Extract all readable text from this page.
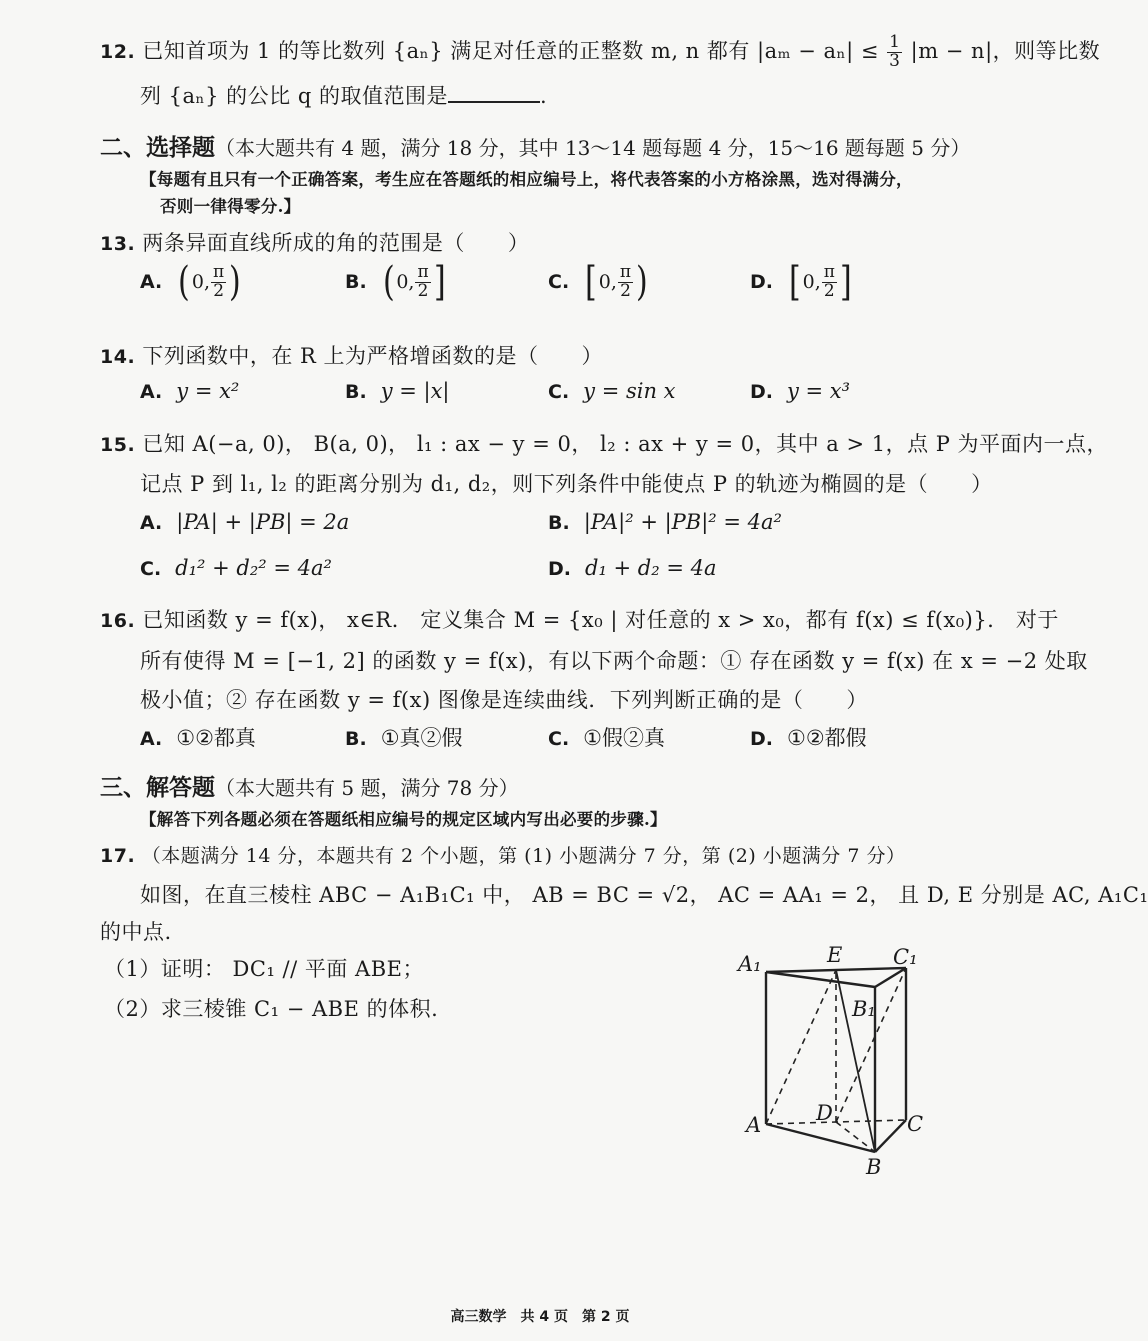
12. 已知首项为 1 的等比数列 {aₙ} 满足对任意的正整数 m, n 都有 $|a_m - a_n| \le \frac{1}{3} |m - n|$，则等比数
列 {aₙ} 的公比 q 的取值范围是	.
二、选择题（本大题共有 4 题，满分 18 分，其中 13～14 题每题 4 分，15～16 题每题 5 分）
【每题有且只有一个正确答案，考生应在答题纸的相应编号上，将代表答案的小方格涂黑，选对得满分，
否则一律得零分.】
13. 两条异面直线所成的角的范围是（　　）
A. ( 0, $\frac{\pi}{2}$ )	B. ( 0, $\frac{\pi}{2}$ ]	C. [ 0, $\frac{\pi}{2}$ )	D. [ 0, $\frac{\pi}{2}$ ]
14. 下列函数中，在 R 上为严格增函数的是（　　）
A. y = x²	B. y = |x|	C. y = sin x	D. y = x³
15. 已知 A(−a, 0)， B(a, 0)， l₁ : ax − y = 0， l₂ : ax + y = 0，其中 a > 1，点 P 为平面内一点，
记点 P 到 l₁, l₂ 的距离分别为 d₁, d₂，则下列条件中能使点 P 的轨迹为椭圆的是（　　）
A. |PA| + |PB| = 2a	B. |PA|² + |PB|² = 4a²
C. d₁² + d₂² = 4a²	D. d₁ + d₂ = 4a
16. 已知函数 y = f(x)， x∈R． 定义集合 M = {x₀ | 对任意的 x > x₀，都有 f(x) ≤ f(x₀)}． 对于
所有使得 M = [−1, 2] 的函数 y = f(x)，有以下两个命题：① 存在函数 y = f(x) 在 x = −2 处取
极小值；② 存在函数 y = f(x) 图像是连续曲线．下列判断正确的是（　　）
A. ①②都真	B. ①真②假	C. ①假②真	D. ①②都假
三、解答题（本大题共有 5 题，满分 78 分）
【解答下列各题必须在答题纸相应编号的规定区域内写出必要的步骤.】
17. （本题满分 14 分，本题共有 2 个小题，第 (1) 小题满分 7 分，第 (2) 小题满分 7 分）
如图，在直三棱柱 ABC − A₁B₁C₁ 中， AB = BC = √2， AC = AA₁ = 2， 且 D, E 分别是 AC, A₁C₁
的中点.
（1）证明： DC₁ // 平面 ABE；
（2）求三棱锥 C₁ − ABE 的体积.
A₁	E C₁
B₁
A	D	C
B
高三数学　共 4 页　第 2 页
